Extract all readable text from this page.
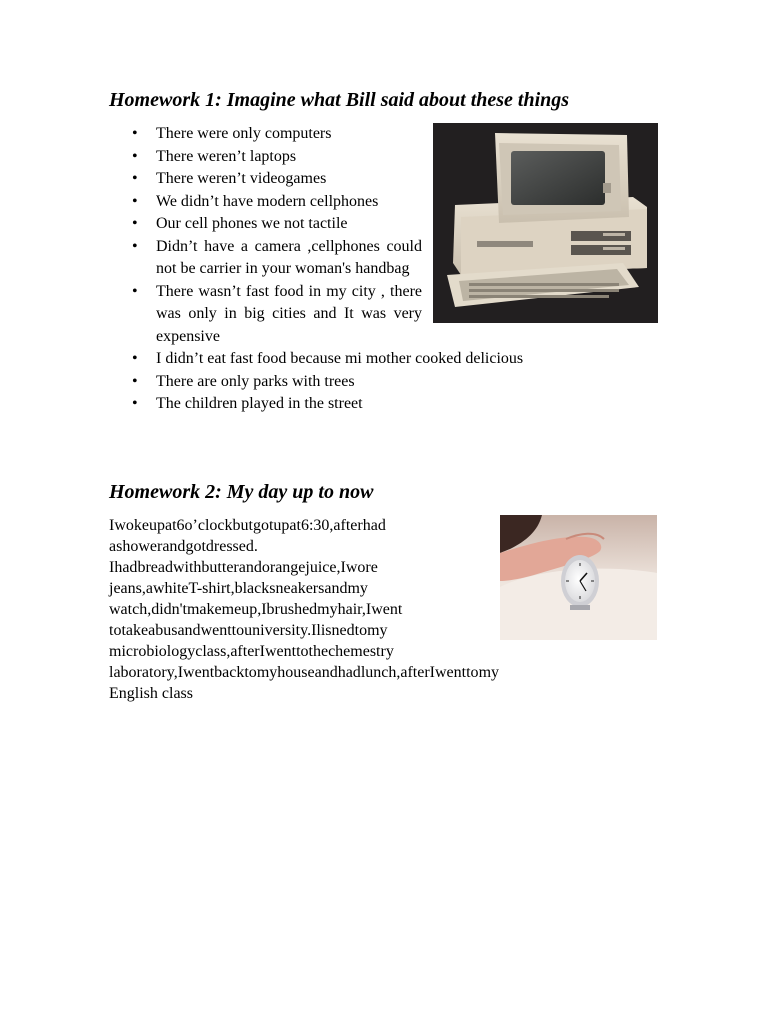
Homework 1: Imagine what Bill said about these things
• There were only computers
• There weren’t laptops
• There weren’t videogames
• We didn’t have modern cellphones
• Our cell phones we not tactile
• Didn’t have a camera ,cellphones could not be carrier in your woman's handbag
• There wasn’t fast food in my city , there was only in big cities and It was very expensive
• I didn’t eat fast food because mi mother cooked delicious
• There are only parks with trees
• The children played in the street
Homework 2: My day up to now
Iwokeupat6o’clockbutgotupat6:30,afterhad
ashowerandgotdressed.
Ihadbreadwithbutterandorangejuice,Iwore
jeans,awhiteT-shirt,blacksneakersandmy
watch,didn'tmakemeup,Ibrushedmyhair,Iwent
totakeabusandwenttouniversity.Ilisnedtomy
microbiologyclass,afterIwenttothechemestry
laboratory,Iwentbacktomyhouseandhadlunch,afterIwenttomy
English class
